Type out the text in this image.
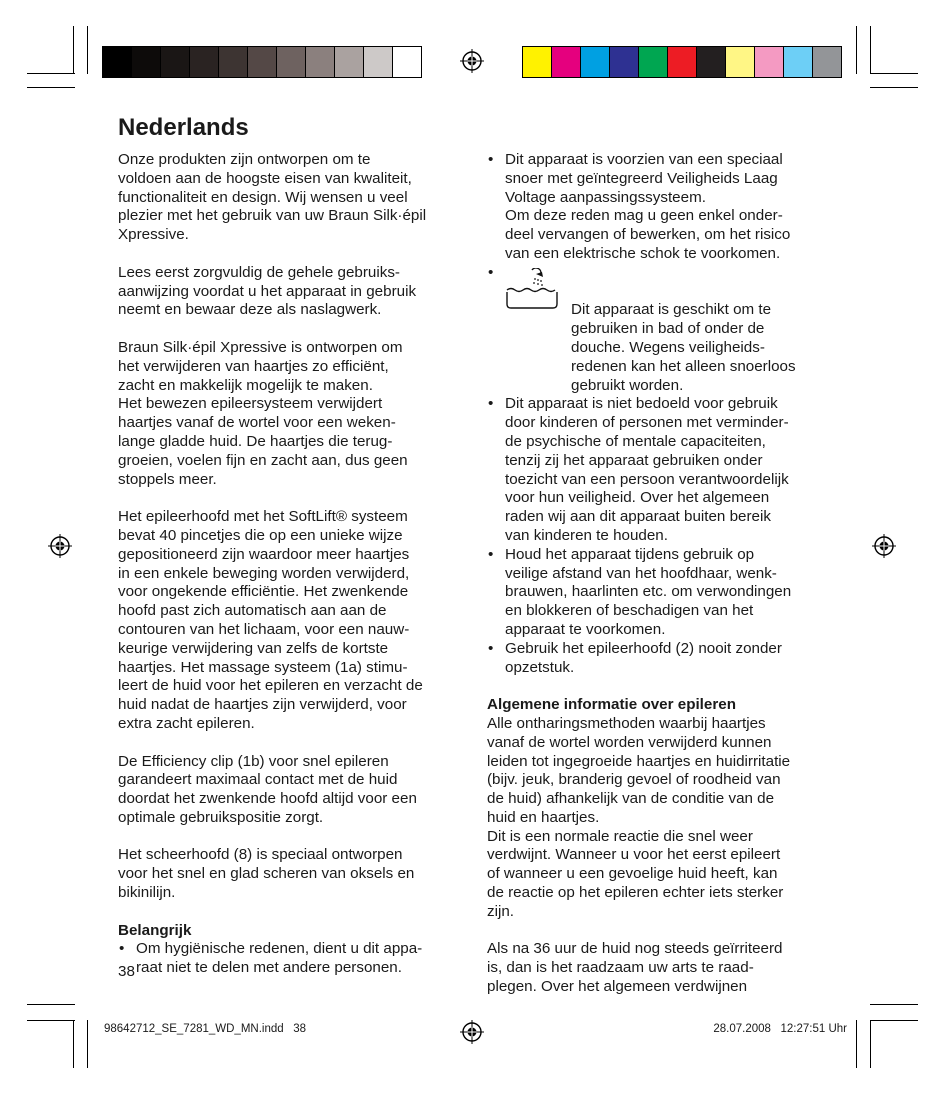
Nederlands

Onze produkten zijn ontworpen om te
voldoen aan de hoogste eisen van kwaliteit,
functionaliteit en design. Wij wensen u veel
plezier met het gebruik van uw Braun Silk·épil
Xpressive.

Lees eerst zorgvuldig de gehele gebruiks-
aanwijzing voordat u het apparaat in gebruik
neemt en bewaar deze als naslagwerk.

Braun Silk·épil Xpressive is ontworpen om
het verwijderen van haartjes zo efficiënt,
zacht en makkelijk mogelijk te maken.
Het bewezen epileersysteem verwijdert
haartjes vanaf de wortel voor een weken-
lange gladde huid. De haartjes die terug-
groeien, voelen fijn en zacht aan, dus geen
stoppels meer.

Het epileerhoofd met het SoftLift® systeem
bevat 40 pincetjes die op een unieke wijze
gepositioneerd zijn waardoor meer haartjes
in een enkele beweging worden verwijderd,
voor ongekende efficiëntie. Het zwenkende
hoofd past zich automatisch aan aan de
contouren van het lichaam, voor een nauw-
keurige verwijdering van zelfs de kortste
haartjes. Het massage systeem (1a) stimu-
leert de huid voor het epileren en verzacht de
huid nadat de haartjes zijn verwijderd, voor
extra zacht epileren.

De Efficiency clip (1b) voor snel epileren
garandeert maximaal contact met de huid
doordat het zwenkende hoofd altijd voor een
optimale gebruikspositie zorgt.

Het scheerhoofd (8) is speciaal ontworpen
voor het snel en glad scheren van oksels en
bikinilijn.

Belangrijk
• Om hygiënische redenen, dient u dit appa-
raat niet te delen met andere personen.
• Dit apparaat is voorzien van een speciaal
snoer met geïntegreerd Veiligheids Laag
Voltage aanpassingssysteem.
Om deze reden mag u geen enkel onder-
deel vervangen of bewerken, om het risico
van een elektrische schok te voorkomen.

• Dit apparaat is geschikt om te
gebruiken in bad of onder de
douche. Wegens veiligheids-
redenen kan het alleen snoerloos
gebruikt worden.

• Dit apparaat is niet bedoeld voor gebruik
door kinderen of personen met verminder-
de psychische of mentale capaciteiten,
tenzij zij het apparaat gebruiken onder
toezicht van een persoon verantwoordelijk
voor hun veiligheid. Over het algemeen
raden wij aan dit apparaat buiten bereik
van kinderen te houden.
• Houd het apparaat tijdens gebruik op
veilige afstand van het hoofdhaar, wenk-
brauwen, haarlinten etc. om verwondingen
en blokkeren of beschadigen van het
apparaat te voorkomen.
• Gebruik het epileerhoofd (2) nooit zonder
opzetstuk.
Algemene informatie over epileren

Alle ontharingsmethoden waarbij haartjes
vanaf de wortel worden verwijderd kunnen
leiden tot ingegroeide haartjes en huidirritatie
(bijv. jeuk, branderig gevoel of roodheid van
de huid) afhankelijk van de conditie van de
huid en haartjes.
Dit is een normale reactie die snel weer
verdwijnt. Wanneer u voor het eerst epileert
of wanneer u een gevoelige huid heeft, kan
de reactie op het epileren echter iets sterker
zijn.

Als na 36 uur de huid nog steeds geïrriteerd
is, dan is het raadzaam uw arts te raad-
plegen. Over het algemeen verdwijnen

38
98642712_SE_7281_WD_MN.indd   38	28.07.2008   12:27:51 Uhr
